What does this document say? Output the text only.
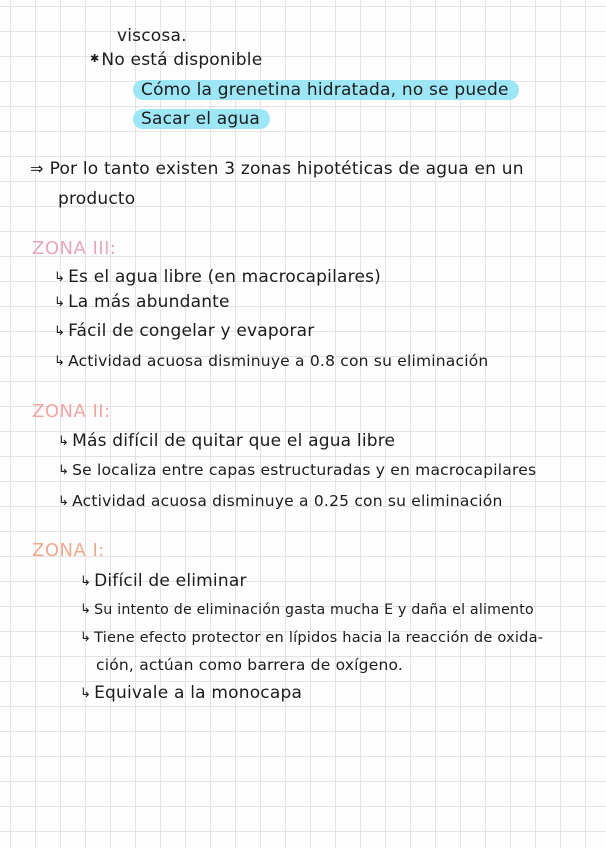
viscosa.
✱ No está disponible
Cómo la grenetina hidratada, no se puede
Sacar el agua
⇒ Por lo tanto existen 3 zonas hipotéticas de agua en un
producto
ZONA III:
↳ Es el agua libre (en macrocapilares)
↳ La más abundante
↳ Fácil de congelar y evaporar
↳ Actividad acuosa disminuye a 0.8 con su eliminación
ZONA II:
↳ Más difícil de quitar que el agua libre
↳ Se localiza entre capas estructuradas y en macrocapilares
↳ Actividad acuosa disminuye a 0.25 con su eliminación
ZONA I:
↳ Difícil de eliminar
↳ Su intento de eliminación gasta mucha E y daña el alimento
↳ Tiene efecto protector en lípidos hacia la reacción de oxida-
ción, actúan como barrera de oxígeno.
↳ Equivale a la monocapa
